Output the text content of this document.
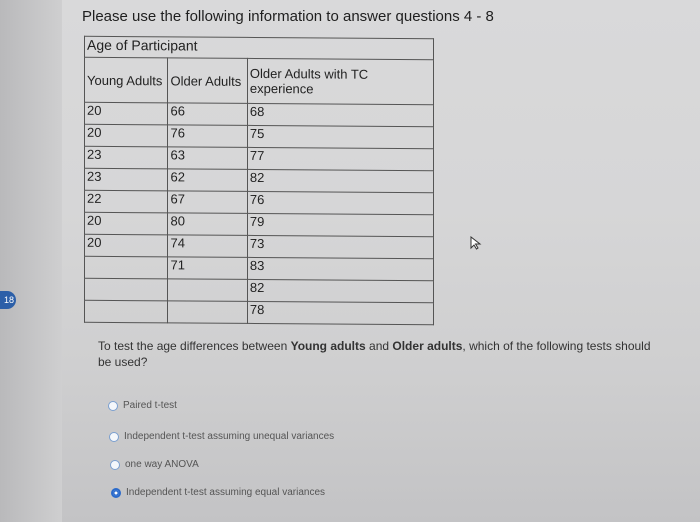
18
Please use the following information to answer questions 4 - 8
Age of Participant		
Young Adults	Older Adults	Older Adults with TC experience
20	66	68
20	76	75
23	63	77
23	62	82
22	67	76
20	80	79
20	74	73
	71	83
		82
		78
To test the age differences between Young adults and Older adults, which of the following tests should be used?
Paired t-test
Independent t-test assuming unequal variances
one way ANOVA
Independent t-test assuming equal variances
